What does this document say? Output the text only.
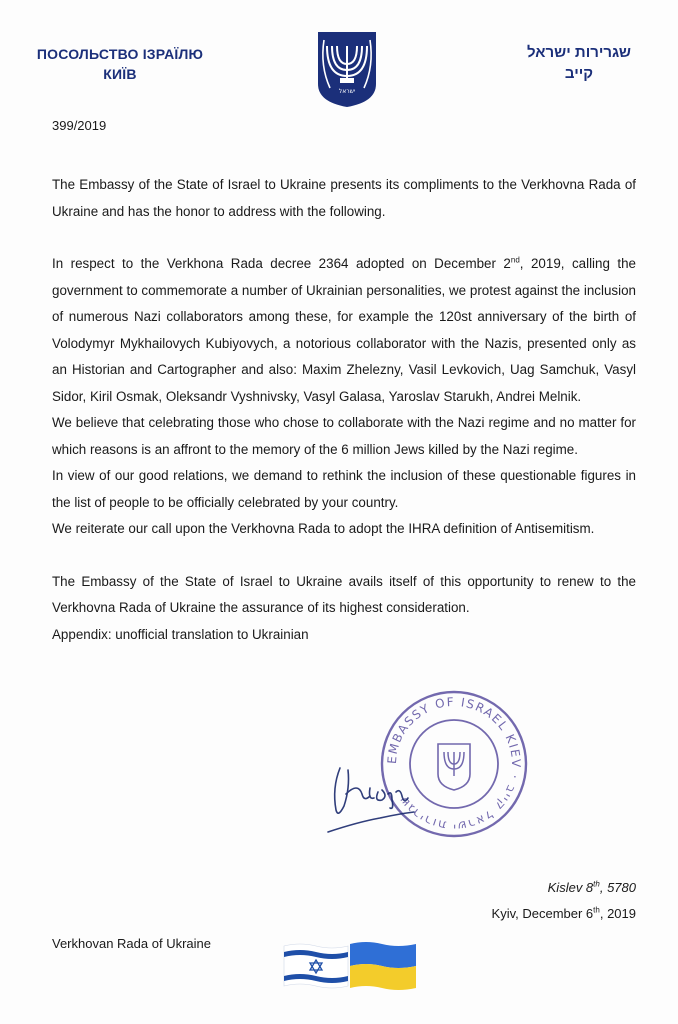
ПОСОЛЬСТВО ІЗРАЇЛЮ
КИЇВ
ישראל
שגרירות ישראל
קייב
399/2019

The Embassy of the State of Israel to Ukraine presents its compliments to the Verkhovna Rada of Ukraine and has the honor to address with the following.

In respect to the Verkhona Rada decree 2364 adopted on December 2nd, 2019, calling the government to commemorate a number of Ukrainian personalities, we protest against the inclusion of numerous Nazi collaborators among these, for example the 120st anniversary of the birth of Volodymyr Mykhailovych Kubiyovych, a notorious collaborator with the Nazis, presented only as an Historian and Cartographer and also: Maxim Zhelezny, Vasil Levkovich, Uag Samchuk, Vasyl Sidor, Kiril Osmak, Oleksandr Vyshnivsky, Vasyl Galasa, Yaroslav Starukh, Andrei Melnik.

We believe that celebrating those who chose to collaborate with the Nazi regime and no matter for which reasons is an affront to the memory of the 6 million Jews killed by the Nazi regime.

In view of our good relations, we demand to rethink the inclusion of these questionable figures in the list of people to be officially celebrated by your country.

We reiterate our call upon the Verkhovna Rada to adopt the IHRA definition of Antisemitism.

The Embassy of the State of Israel to Ukraine avails itself of this opportunity to renew to the Verkhovna Rada of Ukraine the assurance of its highest consideration.

Appendix: unofficial translation to Ukrainian

EMBASSY OF ISRAEL KIEV · שגרירות ישראל קייב
Kislev 8th, 5780
Kyiv, December 6th, 2019
Verkhovan Rada of Ukraine
